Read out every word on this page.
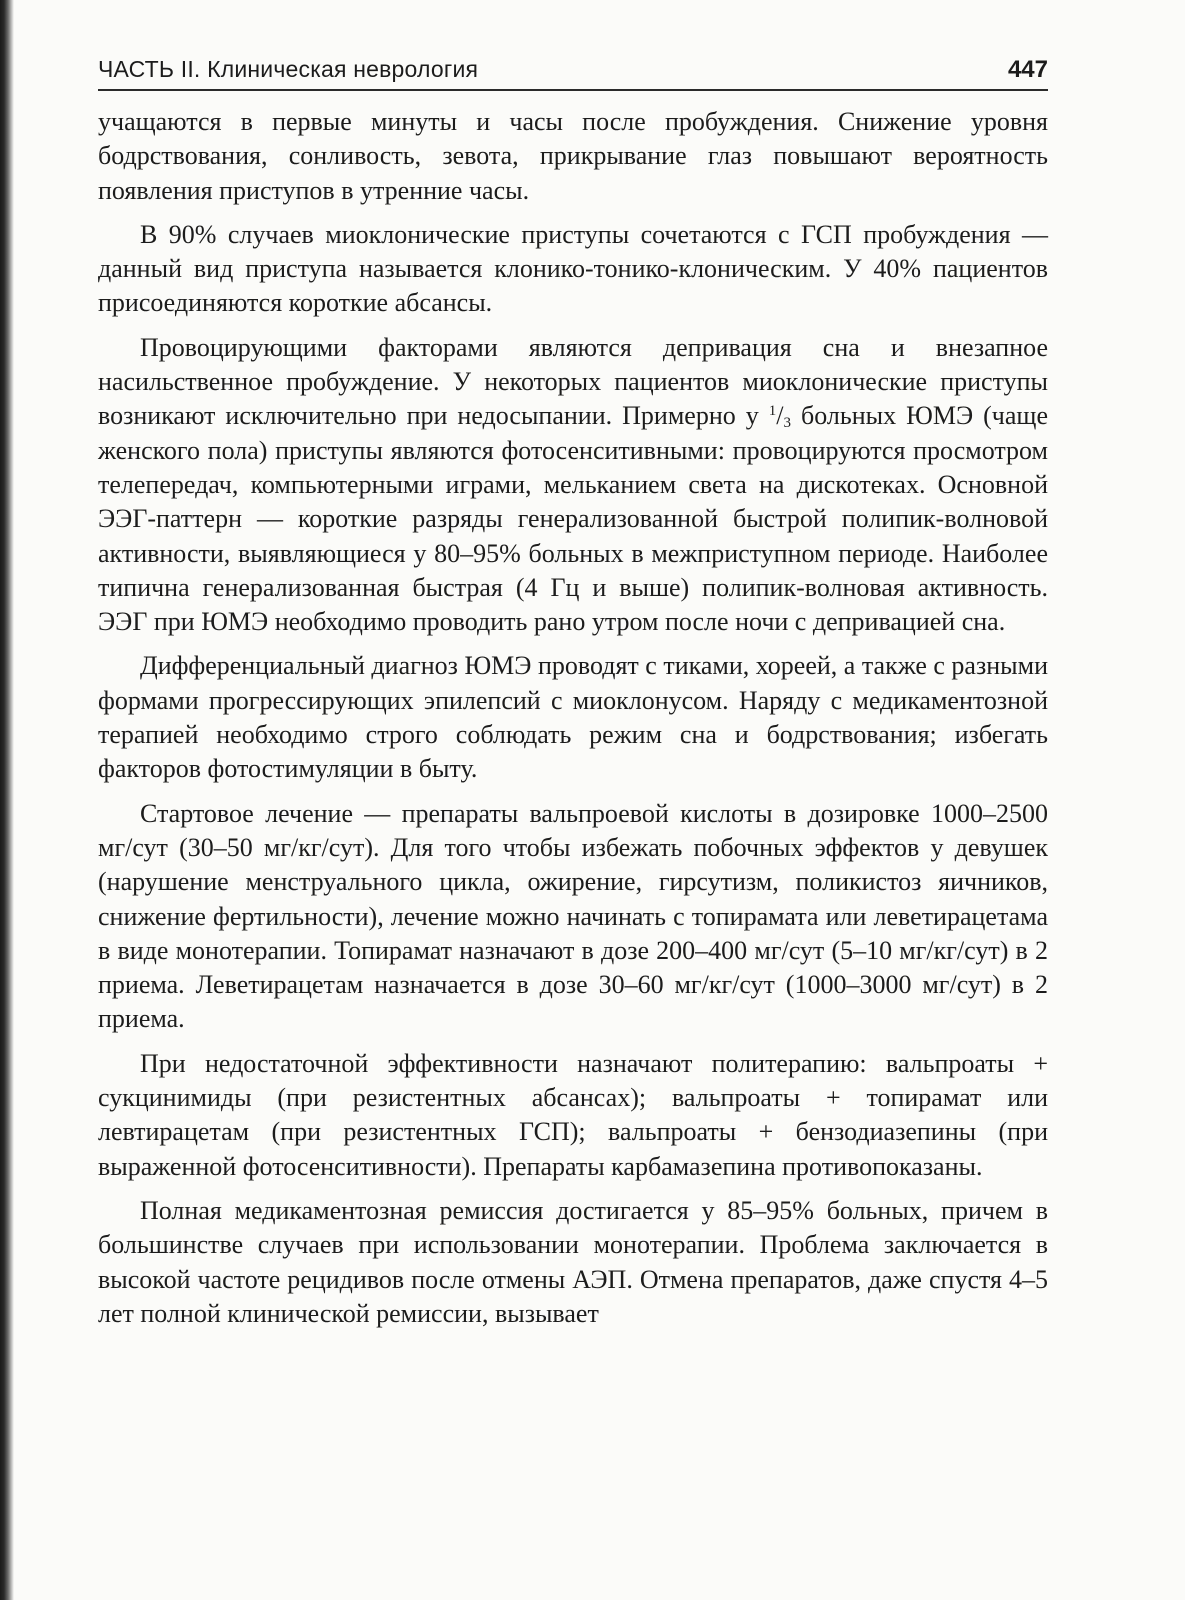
ЧАСТЬ II. Клиническая неврология	447

учащаются в первые минуты и часы после пробуждения. Снижение уровня бодрствования, сонливость, зевота, прикрывание глаз повышают вероятность появления приступов в утренние часы.

В 90% случаев миоклонические приступы сочетаются с ГСП пробуждения — данный вид приступа называется клонико-тонико-клоническим. У 40% пациентов присоединяются короткие абсансы.

Провоцирующими факторами являются депривация сна и внезапное насильственное пробуждение. У некоторых пациентов миоклонические приступы возникают исключительно при недосыпании. Примерно у $^1$/3 больных ЮМЭ (чаще женского пола) приступы являются фотосенситивными: провоцируются просмотром телепередач, компьютерными играми, мельканием света на дискотеках. Основной ЭЭГ-паттерн — короткие разряды генерализованной быстрой полипик-волновой активности, выявляющиеся у 80–95% больных в межприступном периоде. Наиболее типична генерализованная быстрая (4 Гц и выше) полипик-волновая активность. ЭЭГ при ЮМЭ необходимо проводить рано утром после ночи с депривацией сна.

Дифференциальный диагноз ЮМЭ проводят с тиками, хореей, а также с разными формами прогрессирующих эпилепсий с миоклонусом. Наряду с медикаментозной терапией необходимо строго соблюдать режим сна и бодрствования; избегать факторов фотостимуляции в быту.

Стартовое лечение — препараты вальпроевой кислоты в дозировке 1000–2500 мг/сут (30–50 мг/кг/сут). Для того чтобы избежать побочных эффектов у девушек (нарушение менструального цикла, ожирение, гирсутизм, поликистоз яичников, снижение фертильности), лечение можно начинать с топирамата или леветирацетама в виде монотерапии. Топирамат назначают в дозе 200–400 мг/сут (5–10 мг/кг/сут) в 2 приема. Леветирацетам назначается в дозе 30–60 мг/кг/сут (1000–3000 мг/сут) в 2 приема.

При недостаточной эффективности назначают политерапию: вальпроаты + сукцинимиды (при резистентных абсансах); вальпроаты + топирамат или левтирацетам (при резистентных ГСП); вальпроаты + бензодиазепины (при выраженной фотосенситивности). Препараты карбамазепина противопоказаны.

Полная медикаментозная ремиссия достигается у 85–95% больных, причем в большинстве случаев при использовании монотерапии. Проблема заключается в высокой частоте рецидивов после отмены АЭП. Отмена препаратов, даже спустя 4–5 лет полной клинической ремиссии, вызывает
